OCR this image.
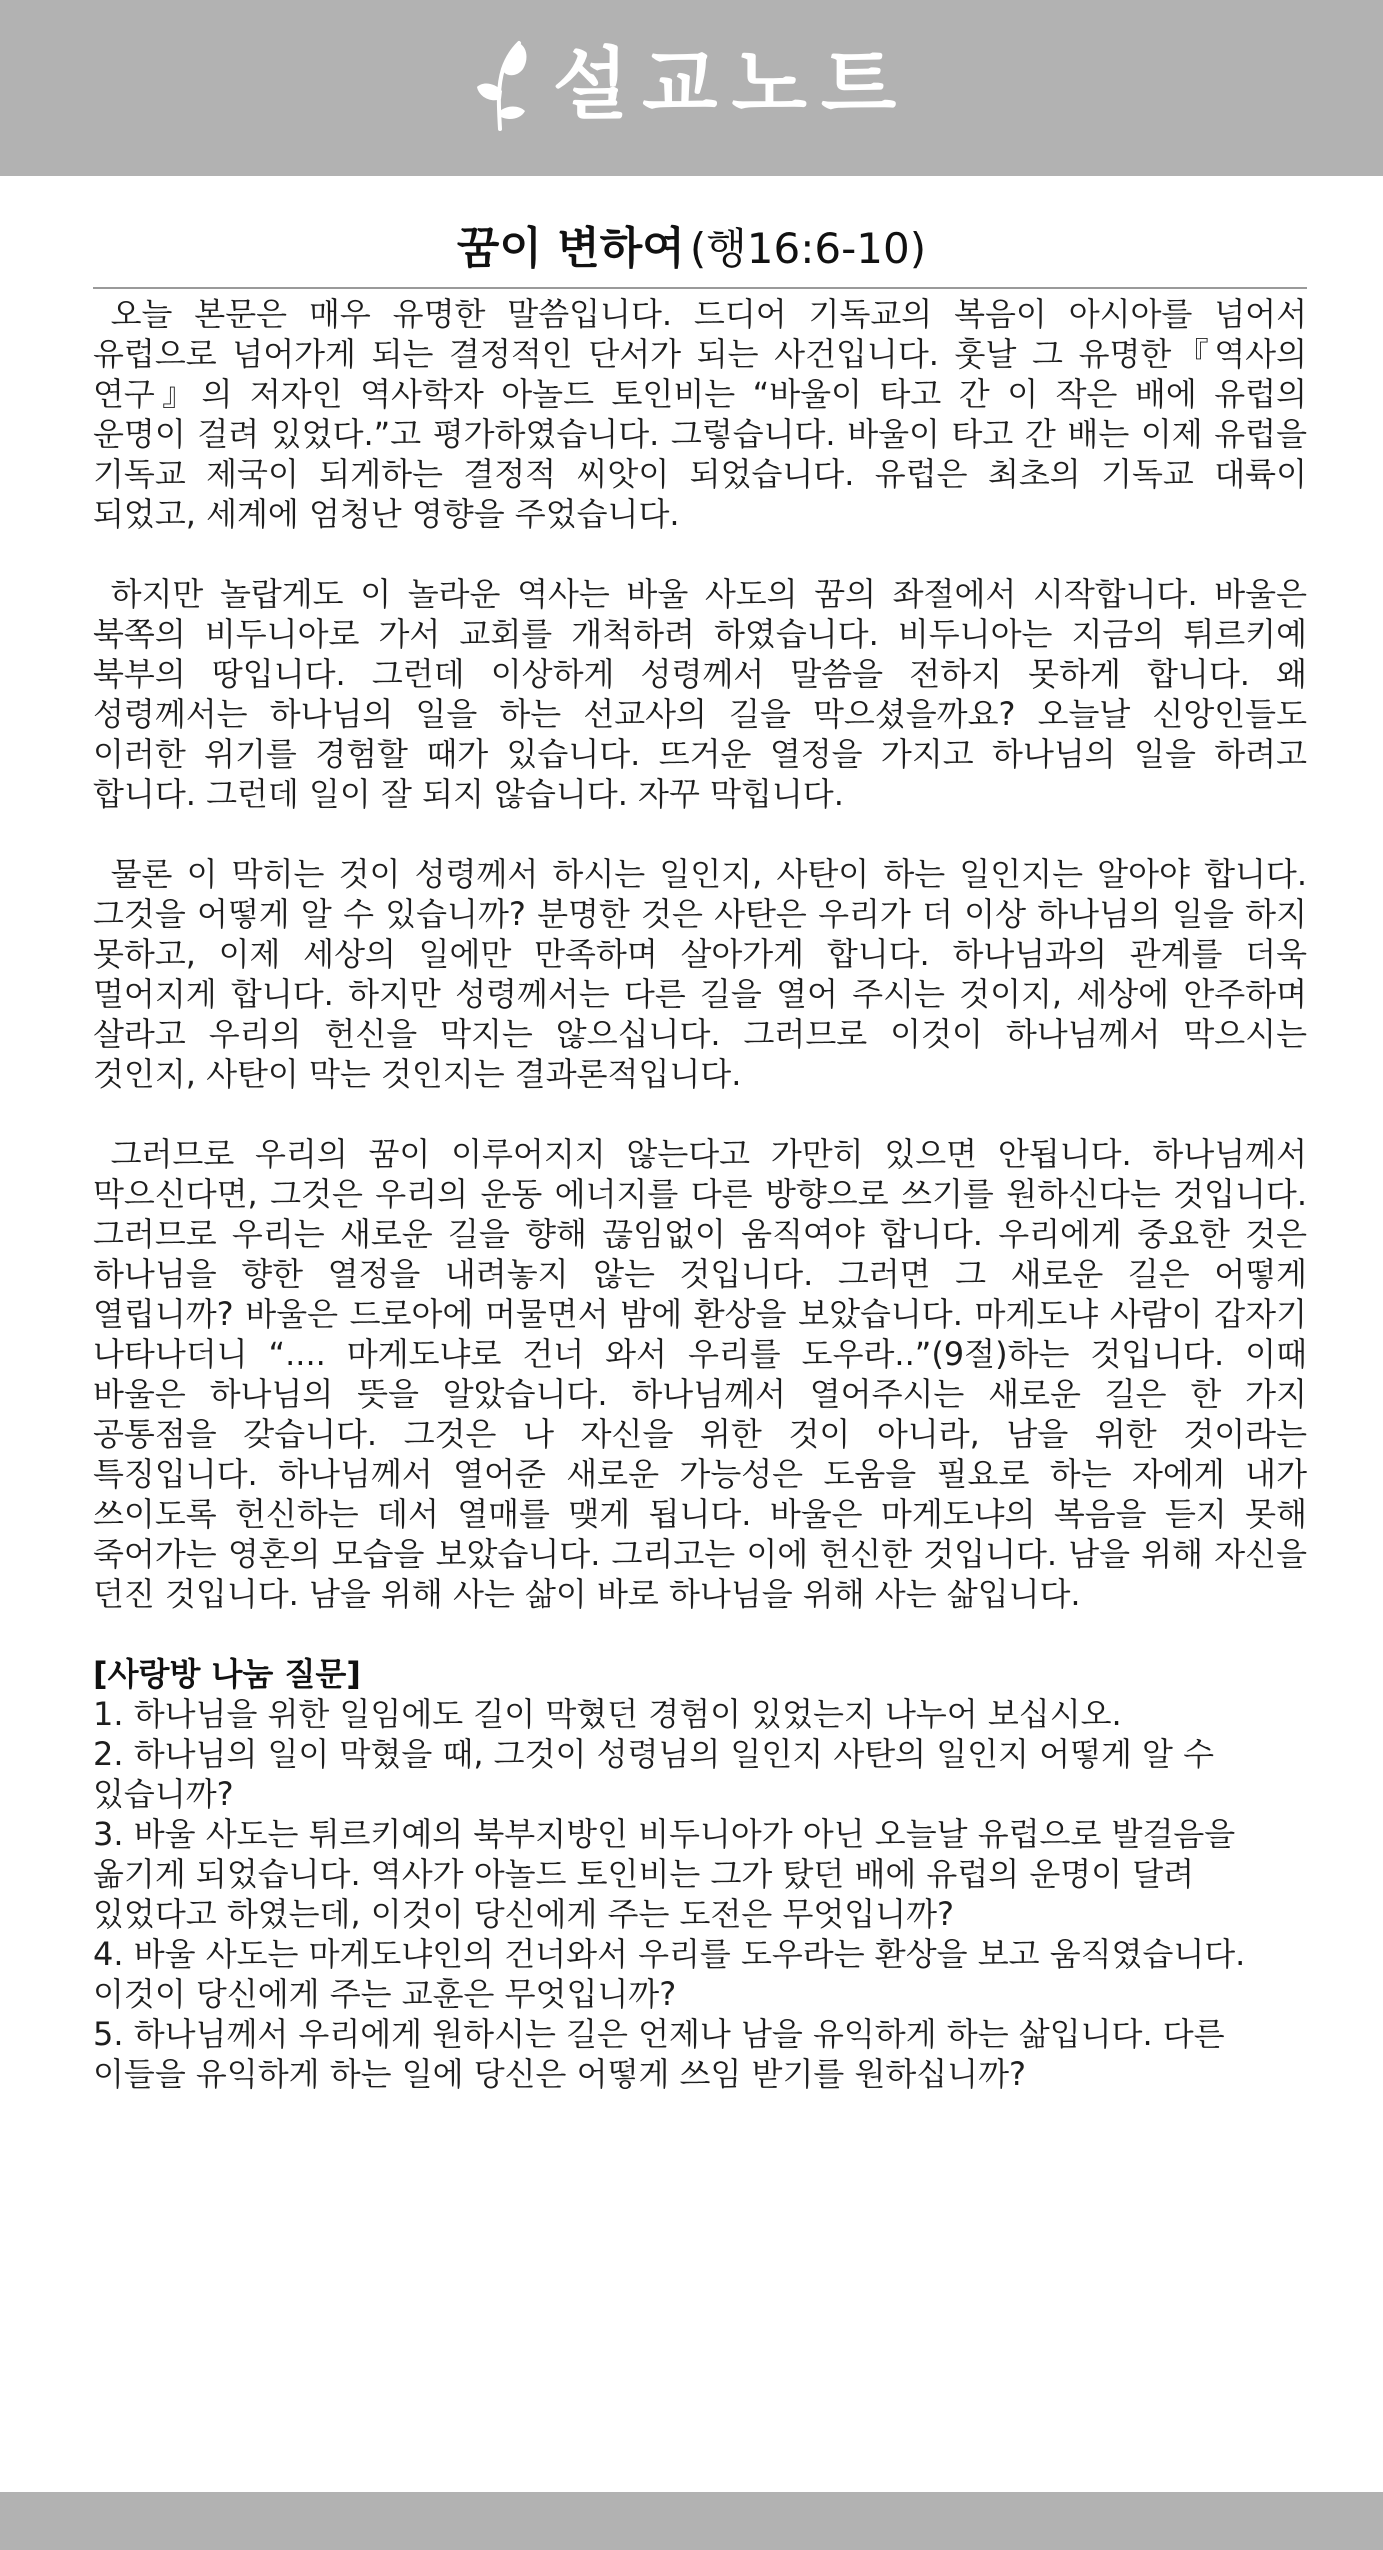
설교노트
꿈이 변하여 (행16:6-10)

오늘 본문은 매우 유명한 말씀입니다. 드디어 기독교의 복음이 아시아를 넘어서 유럽으로 넘어가게 되는 결정적인 단서가 되는 사건입니다. 훗날 그 유명한『역사의 연구』의 저자인 역사학자 아놀드 토인비는 “바울이 타고 간 이 작은 배에 유럽의 운명이 걸려 있었다.”고 평가하였습니다. 그렇습니다. 바울이 타고 간 배는 이제 유럽을 기독교 제국이 되게하는 결정적 씨앗이 되었습니다. 유럽은 최초의 기독교 대륙이 되었고, 세계에 엄청난 영향을 주었습니다.

하지만 놀랍게도 이 놀라운 역사는 바울 사도의 꿈의 좌절에서 시작합니다. 바울은 북쪽의 비두니아로 가서 교회를 개척하려 하였습니다. 비두니아는 지금의 튀르키예 북부의 땅입니다. 그런데 이상하게 성령께서 말씀을 전하지 못하게 합니다. 왜 성령께서는 하나님의 일을 하는 선교사의 길을 막으셨을까요? 오늘날 신앙인들도 이러한 위기를 경험할 때가 있습니다. 뜨거운 열정을 가지고 하나님의 일을 하려고 합니다. 그런데 일이 잘 되지 않습니다. 자꾸 막힙니다.

물론 이 막히는 것이 성령께서 하시는 일인지, 사탄이 하는 일인지는 알아야 합니다. 그것을 어떻게 알 수 있습니까? 분명한 것은 사탄은 우리가 더 이상 하나님의 일을 하지 못하고, 이제 세상의 일에만 만족하며 살아가게 합니다. 하나님과의 관계를 더욱 멀어지게 합니다. 하지만 성령께서는 다른 길을 열어 주시는 것이지, 세상에 안주하며 살라고 우리의 헌신을 막지는 않으십니다. 그러므로 이것이 하나님께서 막으시는 것인지, 사탄이 막는 것인지는 결과론적입니다.

그러므로 우리의 꿈이 이루어지지 않는다고 가만히 있으면 안됩니다. 하나님께서 막으신다면, 그것은 우리의 운동 에너지를 다른 방향으로 쓰기를 원하신다는 것입니다. 그러므로 우리는 새로운 길을 향해 끊임없이 움직여야 합니다. 우리에게 중요한 것은 하나님을 향한 열정을 내려놓지 않는 것입니다. 그러면 그 새로운 길은 어떻게 열립니까? 바울은 드로아에 머물면서 밤에 환상을 보았습니다. 마게도냐 사람이 갑자기 나타나더니 “.... 마게도냐로 건너 와서 우리를 도우라..”(9절)하는 것입니다. 이때 바울은 하나님의 뜻을 알았습니다. 하나님께서 열어주시는 새로운 길은 한 가지 공통점을 갖습니다. 그것은 나 자신을 위한 것이 아니라, 남을 위한 것이라는 특징입니다. 하나님께서 열어준 새로운 가능성은 도움을 필요로 하는 자에게 내가 쓰이도록 헌신하는 데서 열매를 맺게 됩니다. 바울은 마게도냐의 복음을 듣지 못해 죽어가는 영혼의 모습을 보았습니다. 그리고는 이에 헌신한 것입니다. 남을 위해 자신을 던진 것입니다. 남을 위해 사는 삶이 바로 하나님을 위해 사는 삶입니다.

[사랑방 나눔 질문]

1. 하나님을 위한 일임에도 길이 막혔던 경험이 있었는지 나누어 보십시오.

2. 하나님의 일이 막혔을 때, 그것이 성령님의 일인지 사탄의 일인지 어떻게 알 수 있습니까?

3. 바울 사도는 튀르키예의 북부지방인 비두니아가 아닌 오늘날 유럽으로 발걸음을 옮기게 되었습니다. 역사가 아놀드 토인비는 그가 탔던 배에 유럽의 운명이 달려 있었다고 하였는데, 이것이 당신에게 주는 도전은 무엇입니까?

4. 바울 사도는 마게도냐인의 건너와서 우리를 도우라는 환상을 보고 움직였습니다. 이것이 당신에게 주는 교훈은 무엇입니까?

5. 하나님께서 우리에게 원하시는 길은 언제나 남을 유익하게 하는 삶입니다. 다른 이들을 유익하게 하는 일에 당신은 어떻게 쓰임 받기를 원하십니까?
